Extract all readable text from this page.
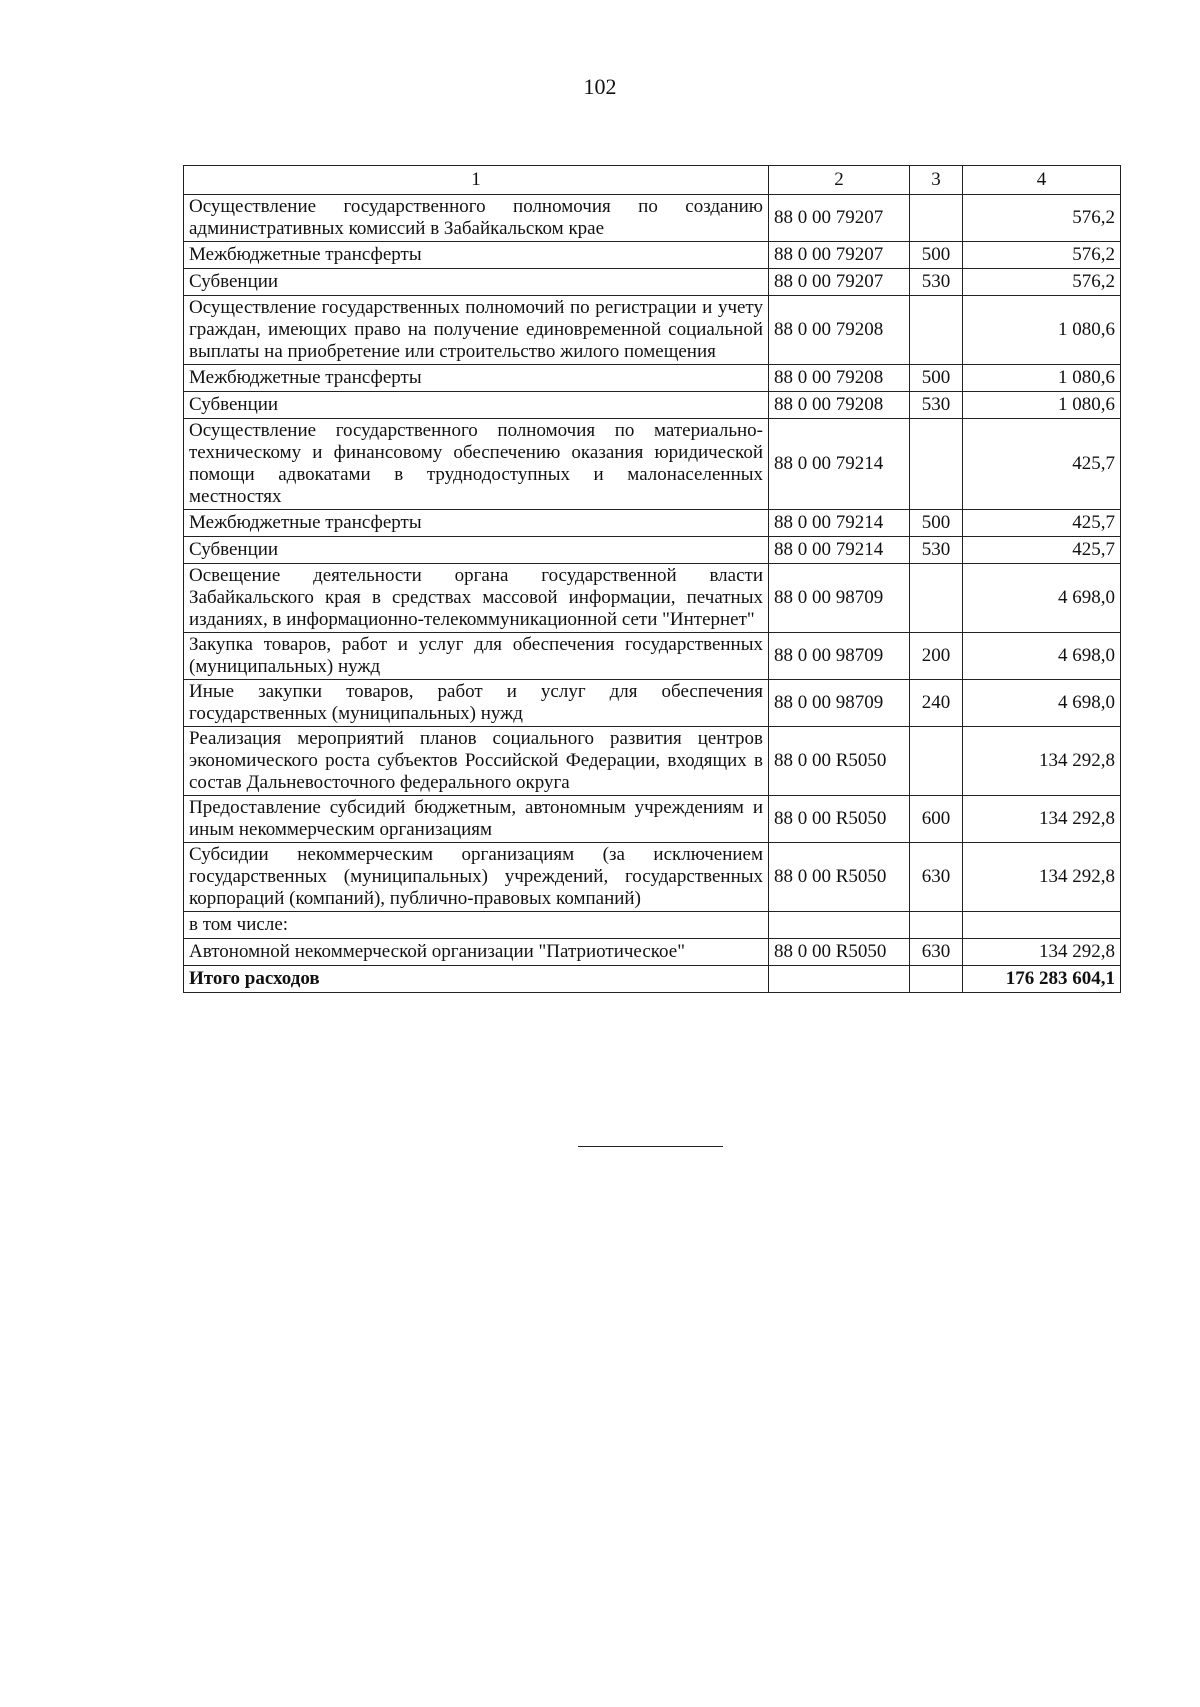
102
1	2	3	4
Осуществление государственного полномочия по созданию административных комиссий в Забайкальском крае	88 0 00 79207		576,2
Межбюджетные трансферты	88 0 00 79207	500	576,2
Субвенции	88 0 00 79207	530	576,2
Осуществление государственных полномочий по регистрации и учету граждан, имеющих право на получение единовременной социальной выплаты на приобретение или строительство жилого помещения	88 0 00 79208		1 080,6
Межбюджетные трансферты	88 0 00 79208	500	1 080,6
Субвенции	88 0 00 79208	530	1 080,6
Осуществление государственного полномочия по материально-техническому и финансовому обеспечению оказания юридической помощи адвокатами в труднодоступных и малонаселенных местностях	88 0 00 79214		425,7
Межбюджетные трансферты	88 0 00 79214	500	425,7
Субвенции	88 0 00 79214	530	425,7
Освещение деятельности органа государственной власти Забайкальского края в средствах массовой информации, печатных изданиях, в информационно-телекоммуникационной сети "Интернет"	88 0 00 98709		4 698,0
Закупка товаров, работ и услуг для обеспечения государственных (муниципальных) нужд	88 0 00 98709	200	4 698,0
Иные закупки товаров, работ и услуг для обеспечения государственных (муниципальных) нужд	88 0 00 98709	240	4 698,0
Реализация мероприятий планов социального развития центров экономического роста субъектов Российской Федерации, входящих в состав Дальневосточного федерального округа	88 0 00 R5050		134 292,8
Предоставление субсидий бюджетным, автономным учреждениям и иным некоммерческим организациям	88 0 00 R5050	600	134 292,8
Субсидии некоммерческим организациям (за исключением государственных (муниципальных) учреждений, государственных корпораций (компаний), публично-правовых компаний)	88 0 00 R5050	630	134 292,8
в том числе:			
Автономной некоммерческой организации "Патриотическое"	88 0 00 R5050	630	134 292,8
Итого расходов			176 283 604,1
